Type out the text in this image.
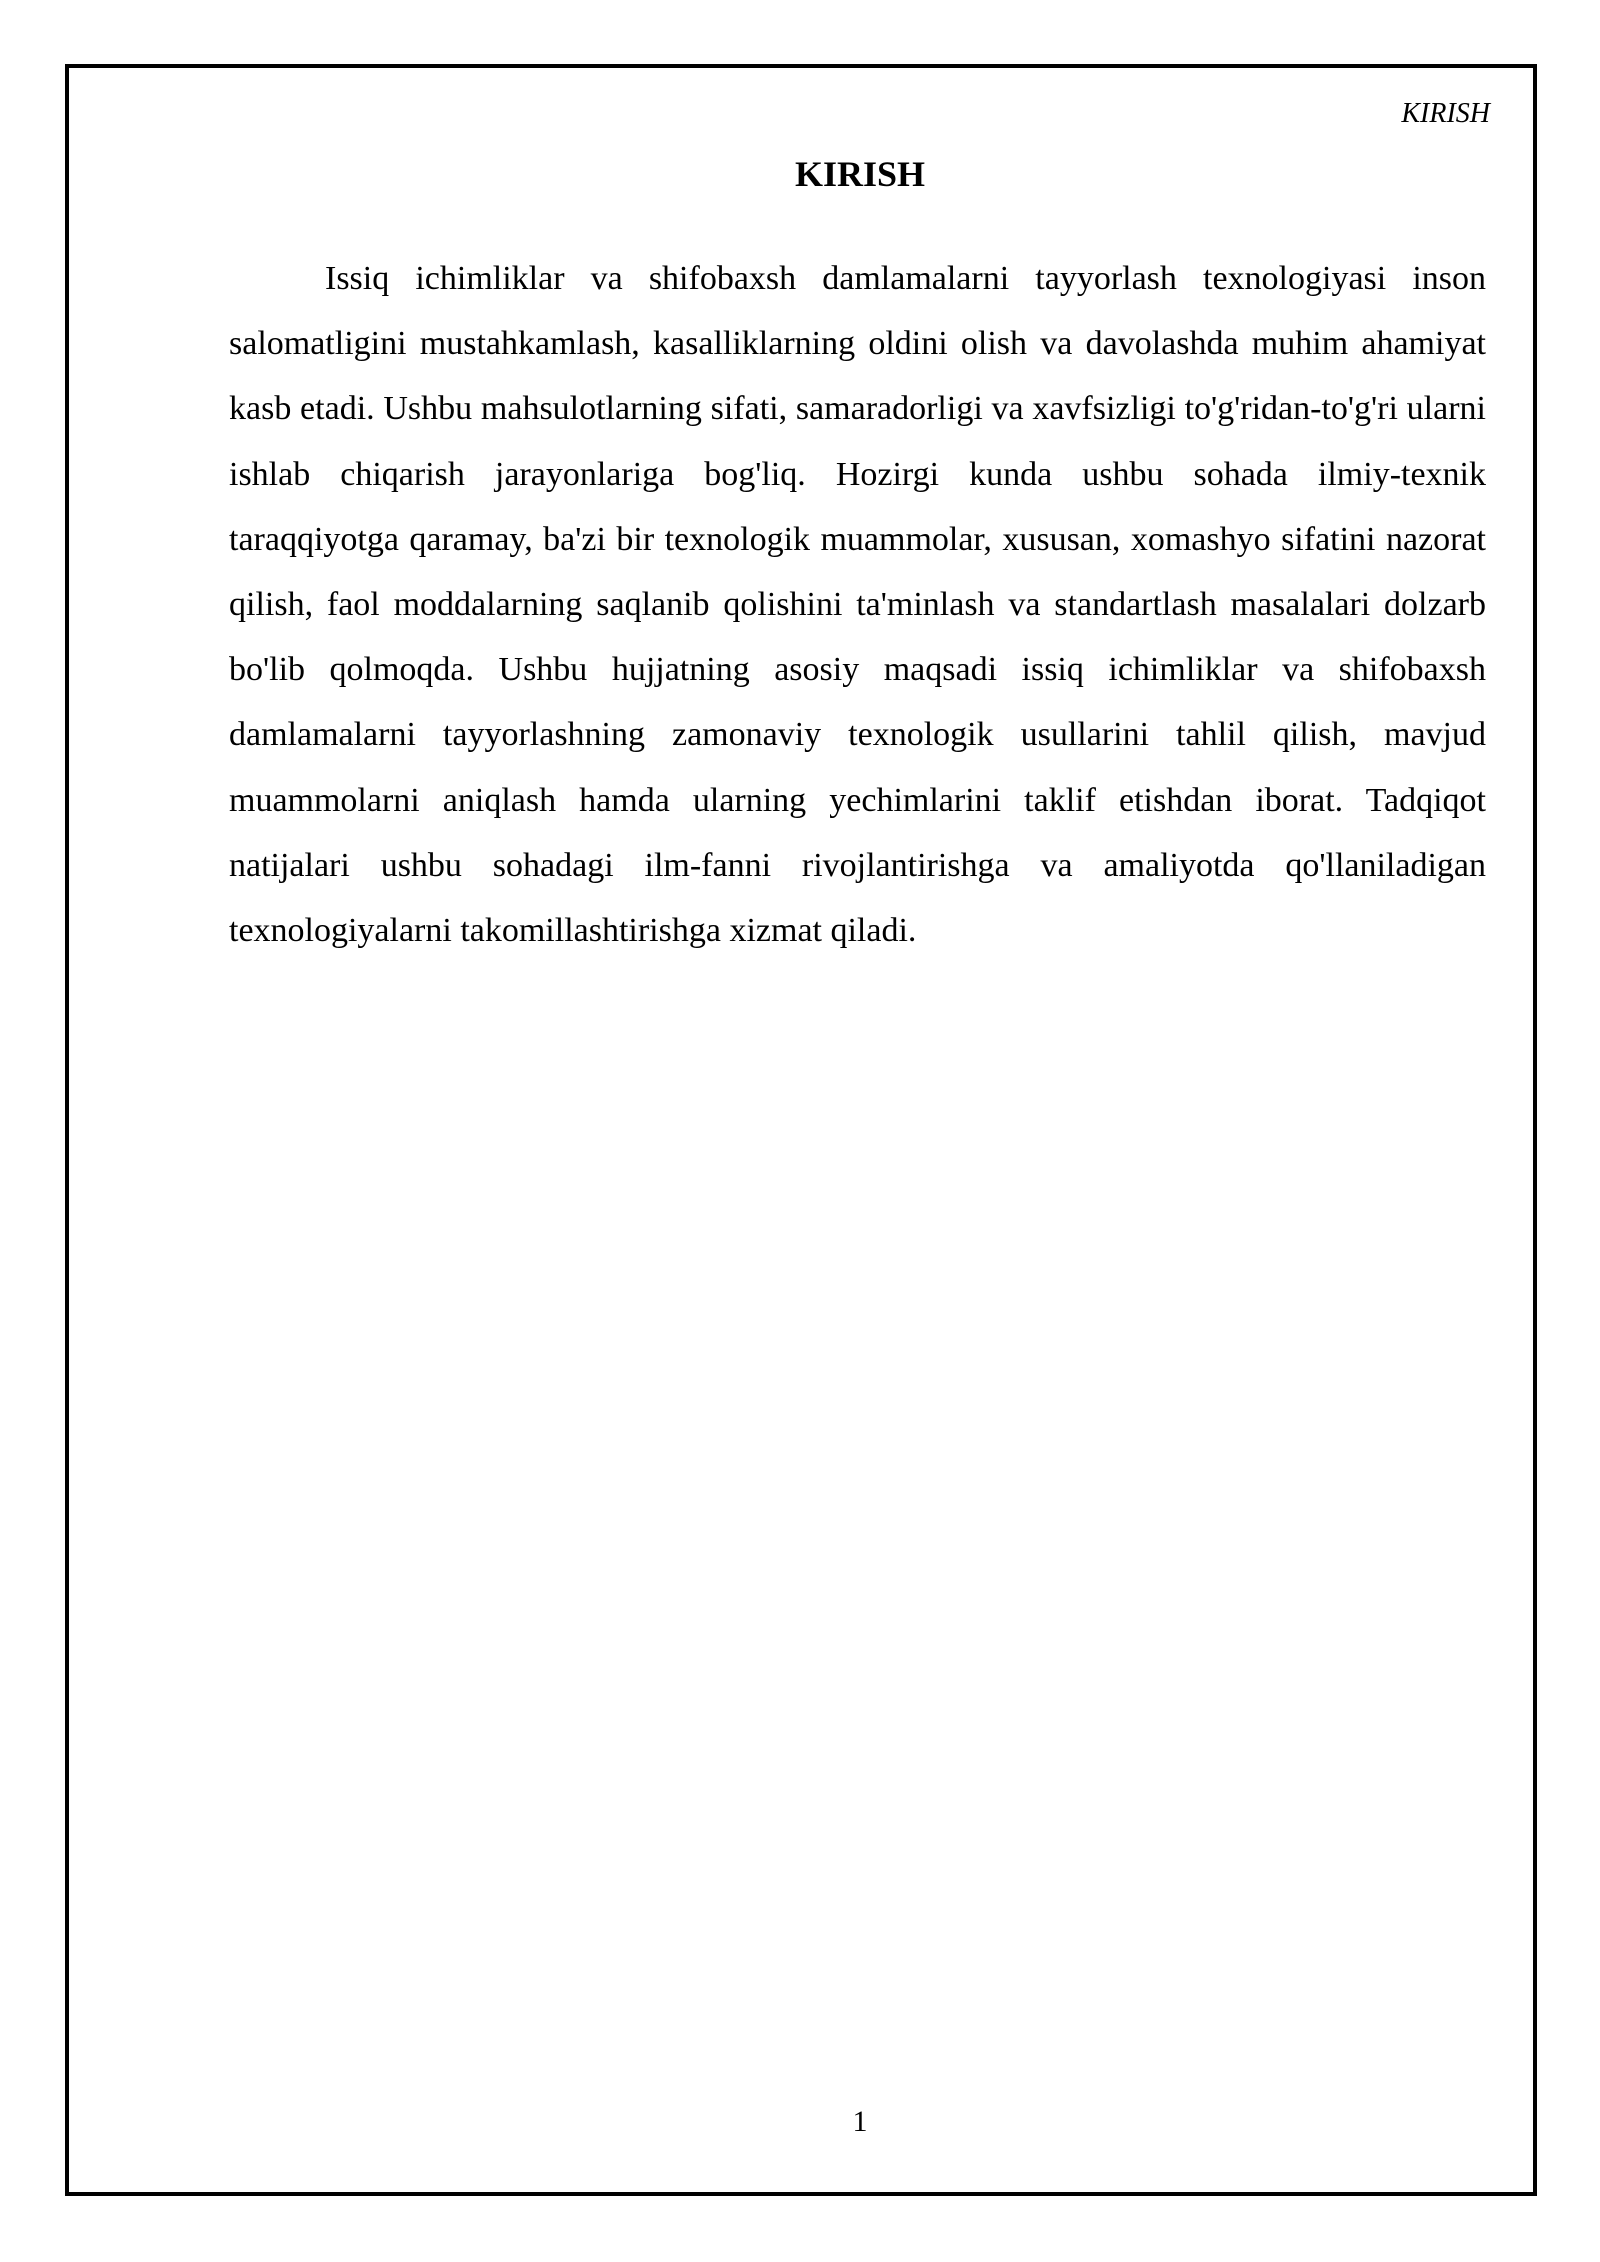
KIRISH
KIRISH

Issiq ichimliklar va shifobaxsh damlamalarni tayyorlash texnologiyasi inson salomatligini mustahkamlash, kasalliklarning oldini olish va davolashda muhim ahamiyat kasb etadi. Ushbu mahsulotlarning sifati, samaradorligi va xavfsizligi to'g'ridan-to'g'ri ularni ishlab chiqarish jarayonlariga bog'liq. Hozirgi kunda ushbu sohada ilmiy-texnik taraqqiyotga qaramay, ba'zi bir texnologik muammolar, xususan, xomashyo sifatini nazorat qilish, faol moddalarning saqlanib qolishini ta'minlash va standartlash masalalari dolzarb bo'lib qolmoqda. Ushbu hujjatning asosiy maqsadi issiq ichimliklar va shifobaxsh damlamalarni tayyorlashning zamonaviy texnologik usullarini tahlil qilish, mavjud muammolarni aniqlash hamda ularning yechimlarini taklif etishdan iborat. Tadqiqot natijalari ushbu sohadagi ilm-fanni rivojlantirishga va amaliyotda qo'llaniladigan texnologiyalarni takomillashtirishga xizmat qiladi.

1
